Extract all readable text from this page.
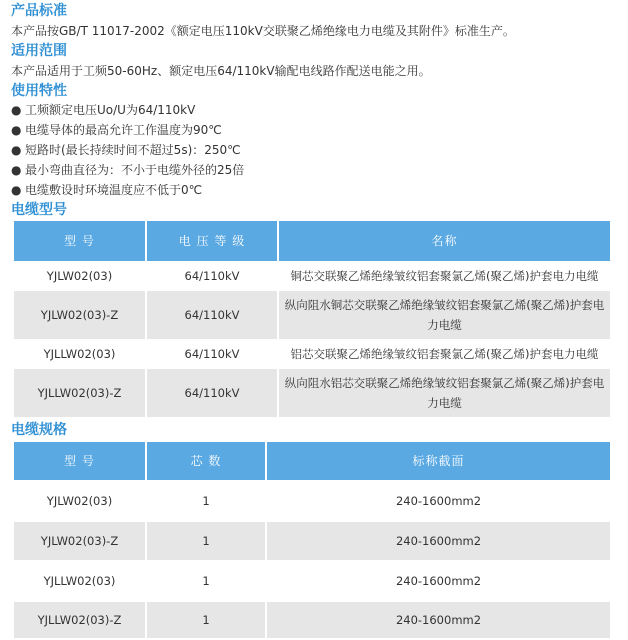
产品标准

本产品按GB/T 11017-2002《额定电压110kV交联聚乙烯绝缘电力电缆及其附件》标准生产。

适用范围

本产品适用于工频50-60Hz、额定电压64/110kV输配电线路作配送电能之用。

使用特性

● 工频额定电压Uo/U为64/110kV

● 电缆导体的最高允许工作温度为90℃

● 短路时(最长持续时间不超过5s)：250℃

● 最小弯曲直径为：不小于电缆外径的25倍

● 电缆敷设时环境温度应不低于0℃

电缆型号
型 号	电 压 等 级	名称
YJLW02(03)	64/110kV	铜芯交联聚乙烯绝缘皱纹铝套聚氯乙烯(聚乙烯)护套电力电缆
YJLW02(03)-Z	64/110kV	纵向阻水铜芯交联聚乙烯绝缘皱纹铝套聚氯乙烯(聚乙烯)护套电力电缆
YJLLW02(03)	64/110kV	铝芯交联聚乙烯绝缘皱纹铝套聚氯乙烯(聚乙烯)护套电力电缆
YJLLW02(03)-Z	64/110kV	纵向阻水铝芯交联聚乙烯绝缘皱纹铝套聚氯乙烯(聚乙烯)护套电力电缆
电缆规格
型 号	芯 数	标称截面
YJLW02(03)	1	240-1600mm2
YJLW02(03)-Z	1	240-1600mm2
YJLLW02(03)	1	240-1600mm2
YJLLW02(03)-Z	1	240-1600mm2
